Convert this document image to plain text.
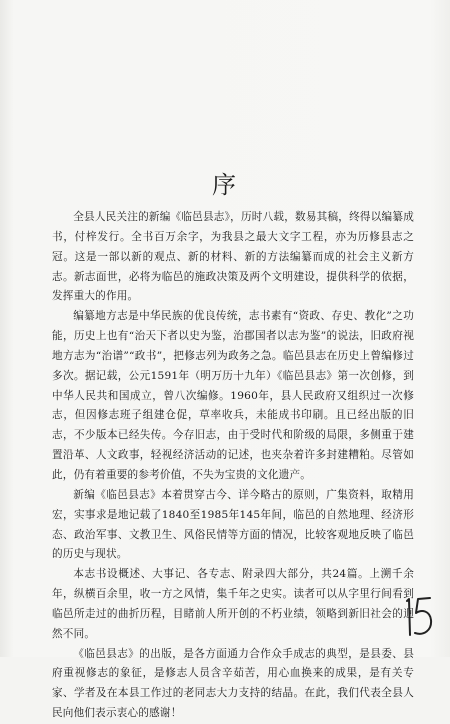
序

全县人民关注的新编《临邑县志》，历时八载，数易其稿，终得以编纂成书，付梓发行。全书百万余字，为我县之最大文字工程，亦为历修县志之冠。这是一部以新的观点、新的材料、新的方法编纂而成的社会主义新方志。新志面世，必将为临邑的施政决策及两个文明建设，提供科学的依据，发挥重大的作用。

编纂地方志是中华民族的优良传统，志书素有“资政、存史、教化”之功能，历史上也有“治天下者以史为鉴，治郡国者以志为鉴”的说法，旧政府视地方志为“治谱”“政书”，把修志列为政务之急。临邑县志在历史上曾编修过多次。据记载，公元1591年（明万历十九年）《临邑县志》第一次创修，到中华人民共和国成立，曾八次编修。1960年，县人民政府又组织过一次修志，但因修志班子组建仓促，草率收兵，未能成书印刷。且已经出版的旧志，不少版本已经失传。今存旧志，由于受时代和阶级的局限，多侧重于建置沿革、人文政事，轻视经济活动的记述，也夹杂着许多封建糟粕。尽管如此，仍有着重要的参考价值，不失为宝贵的文化遗产。

新编《临邑县志》本着贯穿古今、详今略古的原则，广集资料，取精用宏，实事求是地记载了1840至1985年145年间，临邑的自然地理、经济形态、政治军事、文教卫生、风俗民情等方面的情况，比较客观地反映了临邑的历史与现状。

本志书设概述、大事记、各专志、附录四大部分，共24篇。上溯千余年，纵横百余里，收一方之风情，集千年之史实。读者可以从字里行间看到临邑所走过的曲折历程，目睹前人所开创的不朽业绩，领略到新旧社会的迥然不同。

《临邑县志》的出版，是各方面通力合作众手成志的典型，是县委、县府重视修志的象征，是修志人员含辛茹苦，用心血换来的成果，是有关专家、学者及在本县工作过的老同志大力支持的结晶。在此，我们代表全县人民向他们表示衷心的感谢！
